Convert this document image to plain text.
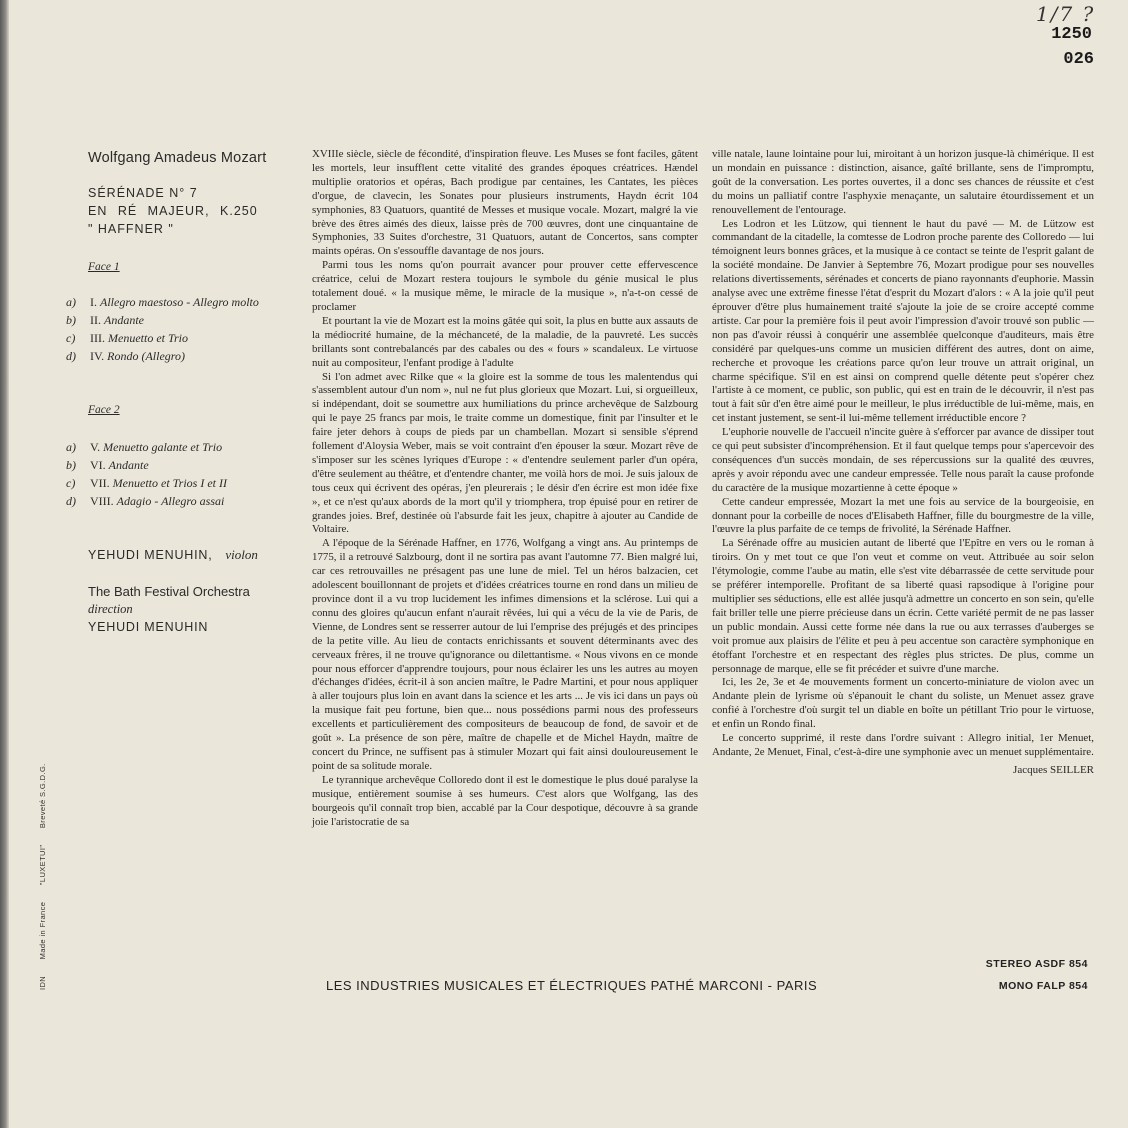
1/7 ?
1250
026
Wolfgang Amadeus Mozart
SÉRÉNADE N° 7
EN RÉ MAJEUR, K.250
" HAFFNER "
Face 1
a) I. Allegro maestoso - Allegro molto
b) II. Andante
c) III. Menuetto et Trio
d) IV. Rondo (Allegro)
Face 2
a) V. Menuetto galante et Trio
b) VI. Andante
c) VII. Menuetto et Trios I et II
d) VIII. Adagio - Allegro assai
YEHUDI MENUHIN, violon
The Bath Festival Orchestra
direction
YEHUDI MENUHIN
IDN Made in France "LUXETUI" Breveté S.G.D.G.

XVIIIe siècle, siècle de fécondité, d'inspiration fleuve. Les Muses se font faciles, gâtent les mortels, leur insufflent cette vitalité des grandes époques créatrices. Hændel multiplie oratorios et opéras, Bach prodigue par centaines, les Cantates, les pièces d'orgue, de clavecin, les Sonates pour plusieurs instruments, Haydn écrit 104 symphonies, 83 Quatuors, quantité de Messes et musique vocale. Mozart, malgré la vie brève des êtres aimés des dieux, laisse près de 700 œuvres, dont une cinquantaine de Symphonies, 33 Suites d'orchestre, 31 Quatuors, autant de Concertos, sans compter maints opéras. On s'essouffle davantage de nos jours.

Parmi tous les noms qu'on pourrait avancer pour prouver cette effervescence créatrice, celui de Mozart restera toujours le symbole du génie musical le plus totalement doué. « la musique même, le miracle de la musique », n'a-t-on cessé de proclamer

Et pourtant la vie de Mozart est la moins gâtée qui soit, la plus en butte aux assauts de la médiocrité humaine, de la méchanceté, de la maladie, de la pauvreté. Les succès brillants sont contrebalancés par des cabales ou des « fours » scandaleux. Le virtuose nuit au compositeur, l'enfant prodige à l'adulte

Si l'on admet avec Rilke que « la gloire est la somme de tous les malentendus qui s'assemblent autour d'un nom », nul ne fut plus glorieux que Mozart. Lui, si orgueilleux, si indépendant, doit se soumettre aux humiliations du prince archevêque de Salzbourg qui le paye 25 francs par mois, le traite comme un domestique, finit par l'insulter et le faire jeter dehors à coups de pieds par un chambellan. Mozart si sensible s'éprend follement d'Aloysia Weber, mais se voit contraint d'en épouser la sœur. Mozart rêve de s'imposer sur les scènes lyriques d'Europe : « d'entendre seulement parler d'un opéra, d'être seulement au théâtre, et d'entendre chanter, me voilà hors de moi. Je suis jaloux de tous ceux qui écrivent des opéras, j'en pleurerais ; le désir d'en écrire est mon idée fixe », et ce n'est qu'aux abords de la mort qu'il y triomphera, trop épuisé pour en retirer de grandes joies. Bref, destinée où l'absurde fait les jeux, chapitre à ajouter au Candide de Voltaire.

A l'époque de la Sérénade Haffner, en 1776, Wolfgang a vingt ans. Au printemps de 1775, il a retrouvé Salzbourg, dont il ne sortira pas avant l'automne 77. Bien malgré lui, car ces retrouvailles ne présagent pas une lune de miel. Tel un héros balzacien, cet adolescent bouillonnant de projets et d'idées créatrices tourne en rond dans un milieu de province dont il a vu trop lucidement les infimes dimensions et la sclérose. Lui qui a connu des gloires qu'aucun enfant n'aurait rêvées, lui qui a vécu de la vie de Paris, de Vienne, de Londres sent se resserrer autour de lui l'emprise des préjugés et des principes de la petite ville. Au lieu de contacts enrichissants et souvent déterminants avec des cerveaux frères, il ne trouve qu'ignorance ou dilettantisme. « Nous vivons en ce monde pour nous efforcer d'apprendre toujours, pour nous éclairer les uns les autres au moyen d'échanges d'idées, écrit-il à son ancien maître, le Padre Martini, et pour nous appliquer à aller toujours plus loin en avant dans la science et les arts ... Je vis ici dans un pays où la musique fait peu fortune, bien que... nous possédions parmi nous des professeurs excellents et particulièrement des compositeurs de beaucoup de fond, de savoir et de goût ». La présence de son père, maître de chapelle et de Michel Haydn, maître de concert du Prince, ne suffisent pas à stimuler Mozart qui fait ainsi douloureusement le point de sa solitude morale.

Le tyrannique archevêque Colloredo dont il est le domestique le plus doué paralyse la musique, entièrement soumise à ses humeurs. C'est alors que Wolfgang, las des bourgeois qu'il connaît trop bien, accablé par la Cour despotique, découvre à sa grande joie l'aristocratie de sa

ville natale, laune lointaine pour lui, miroitant à un horizon jusque-là chimérique. Il est un mondain en puissance : distinction, aisance, gaîté brillante, sens de l'impromptu, goût de la conversation. Les portes ouvertes, il a donc ses chances de réussite et c'est du moins un palliatif contre l'asphyxie menaçante, un salutaire étourdissement et un renouvellement de l'entourage.

Les Lodron et les Lützow, qui tiennent le haut du pavé — M. de Lützow est commandant de la citadelle, la comtesse de Lodron proche parente des Colloredo — lui témoignent leurs bonnes grâces, et la musique à ce contact se teinte de l'esprit galant de la société mondaine. De Janvier à Septembre 76, Mozart prodigue pour ses nouvelles relations divertissements, sérénades et concerts de piano rayonnants d'euphorie. Massin analyse avec une extrême finesse l'état d'esprit du Mozart d'alors : « A la joie qu'il peut éprouver d'être plus humainement traité s'ajoute la joie de se croire accepté comme artiste. Car pour la première fois il peut avoir l'impression d'avoir trouvé son public — non pas d'avoir réussi à conquérir une assemblée quelconque d'auditeurs, mais être considéré par quelques-uns comme un musicien différent des autres, dont on aime, recherche et provoque les créations parce qu'on leur trouve un attrait original, un charme spécifique. S'il en est ainsi on comprend quelle détente peut s'opérer chez l'artiste à ce moment, ce public, son public, qui est en train de le découvrir, il n'est pas tout à fait sûr d'en être aimé pour le meilleur, le plus irréductible de lui-même, mais, en cet instant justement, se sent-il lui-même tellement irréductible encore ?

L'euphorie nouvelle de l'accueil n'incite guère à s'efforcer par avance de dissiper tout ce qui peut subsister d'incompréhension. Et il faut quelque temps pour s'apercevoir des conséquences d'un succès mondain, de ses répercussions sur la qualité des œuvres, après y avoir répondu avec une candeur empressée. Telle nous paraît la cause profonde du caractère de la musique mozartienne à cette époque »

Cette candeur empressée, Mozart la met une fois au service de la bourgeoisie, en donnant pour la corbeille de noces d'Elisabeth Haffner, fille du bourgmestre de la ville, l'œuvre la plus parfaite de ce temps de frivolité, la Sérénade Haffner.

La Sérénade offre au musicien autant de liberté que l'Epître en vers ou le roman à tiroirs. On y met tout ce que l'on veut et comme on veut. Attribuée au soir selon l'étymologie, comme l'aube au matin, elle s'est vite débarrassée de cette servitude pour se préférer intemporelle. Profitant de sa liberté quasi rapsodique à l'origine pour multiplier ses séductions, elle est allée jusqu'à admettre un concerto en son sein, qu'elle fait briller telle une pierre précieuse dans un écrin. Cette variété permit de ne pas lasser un public mondain. Aussi cette forme née dans la rue ou aux terrasses d'auberges se voit promue aux plaisirs de l'élite et peu à peu accentue son caractère symphonique en étoffant l'orchestre et en respectant des règles plus strictes. De plus, comme un personnage de marque, elle se fit précéder et suivre d'une marche.

Ici, les 2e, 3e et 4e mouvements forment un concerto-miniature de violon avec un Andante plein de lyrisme où s'épanouit le chant du soliste, un Menuet assez grave confié à l'orchestre d'où surgit tel un diable en boîte un pétillant Trio pour le virtuose, et enfin un Rondo final.

Le concerto supprimé, il reste dans l'ordre suivant : Allegro initial, 1er Menuet, Andante, 2e Menuet, Final, c'est-à-dire une symphonie avec un menuet supplémentaire.

Jacques SEILLER

STEREO ASDF 854
MONO FALP 854
LES INDUSTRIES MUSICALES ET ÉLECTRIQUES PATHÉ MARCONI - PARIS
